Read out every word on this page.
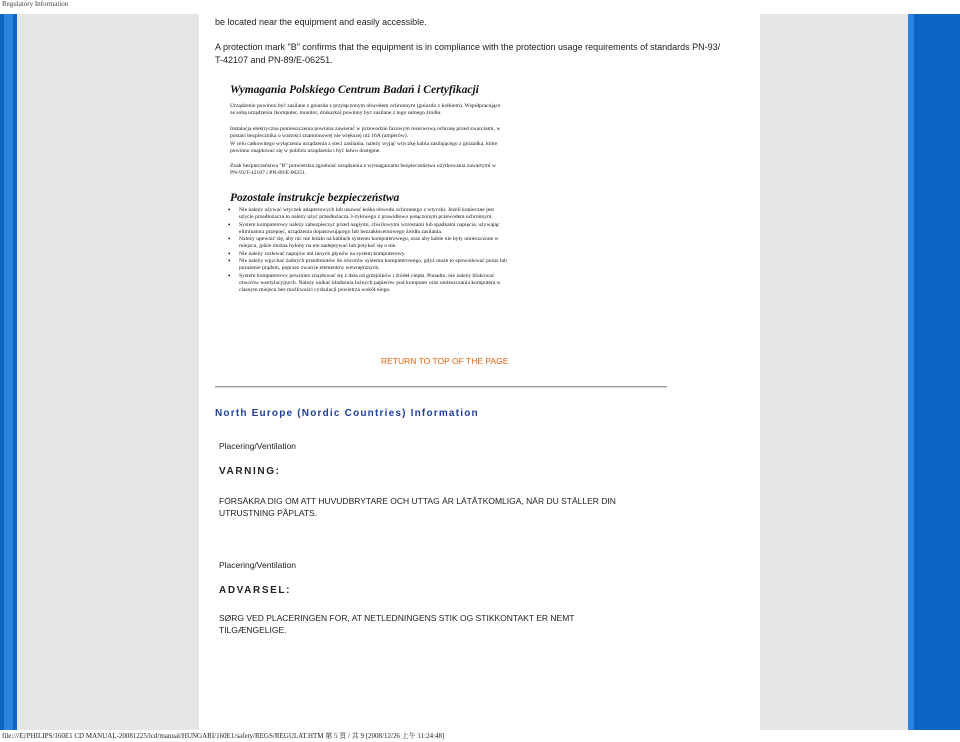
Regulatory Information

be located near the equipment and easily accessible.

A protection mark "B" confirms that the equipment is in compliance with the protection usage requirements of standards PN-93/

T-42107 and PN-89/E-06251.

Wymagania Polskiego Centrum Badań i Certyfikacji
Urządzenie powinno być zasilane z gniazda z przyłączonym obwodem ochronnym (gniazdo z kołkiem). Współpracujące ze sobą urządzenia (komputer, monitor, drukarka) powinny być zasilane z tego samego źródła.
Instalacja elektryczna pomieszczenia powinna zawierać w przewodzie fazowym rezerwową ochronę przed zwarciami, w postaci bezpiecznika o wartości znamionowej nie większej niż 16A (amperów).
W celu całkowitego wyłączenia urządzenia z sieci zasilania, należy wyjąć wtyczkę kabla zasilającego z gniazdka, które powinno znajdować się w pobliżu urządzenia i być łatwo dostępne.
Znak bezpieczeństwa "B" potwierdza zgodność urządzenia z wymaganiami bezpieczeństwa użytkowania zawartymi w PN-93/T-42107 i PN-89/E-06251.
Pozostałe instrukcje bezpieczeństwa
• Nie należy używać wtyczek adapterowych lub usuwać kołka obwodu ochronnego z wtyczki. Jeżeli konieczne jest użycie przedłużacza to należy użyć przedłużacza 3-żyłowego z prawidłowo połączonym przewodem ochronnym.
• System komputerowy należy zabezpieczyć przed nagłymi, chwilowymi wzrostami lub spadkami napięcia, używając eliminatora przepięć, urządzenia dopasowującego lub bezzakłóceniowego źródła zasilania.
• Należy upewnić się, aby nic nie leżało na kablach systemu komputerowego, oraz aby kable nie były umieszczone w miejscu, gdzie można byłoby na nie nadeptywać lub potykać się o nie.
• Nie należy rozlewać napojów ani innych płynów na system komputerowy.
• Nie należy wpychać żadnych przedmiotów do otworów systemu komputerowego, gdyż może to spowodować pożar lub porażenie prądem, poprzez zwarcie elementów wewnętrznych.
• System komputerowy powinien znajdować się z dala od grzejników i źródeł ciepła. Ponadto, nie należy blokować otworów wentylacyjnych. Należy unikać kładzenia luźnych papierów pod komputer oraz umieszczania komputera w ciasnym miejscu bez możliwości cyrkulacji powietrza wokół niego.
RETURN TO TOP OF THE PAGE
North Europe (Nordic Countries) Information
Placering/Ventilation
VARNING:
FÖRSÄKRA DIG OM ATT HUVUDBRYTARE OCH UTTAG ÄR LÄTÅTKOMLIGA, NÄR DU STÄLLER DIN
UTRUSTNING PÅPLATS.
Placering/Ventilation
ADVARSEL:
SØRG VED PLACERINGEN FOR, AT NETLEDNINGENS STIK OG STIKKONTAKT ER NEMT
TILGÆNGELIGE.
file:///E|/PHILIPS/160E1 CD MANUAL-20081225/lcd/manual/HUNGARI/160E1/safety/REGS/REGULAT.HTM 第 5 頁 / 共 9 [2008/12/26 上午 11:24:48]
